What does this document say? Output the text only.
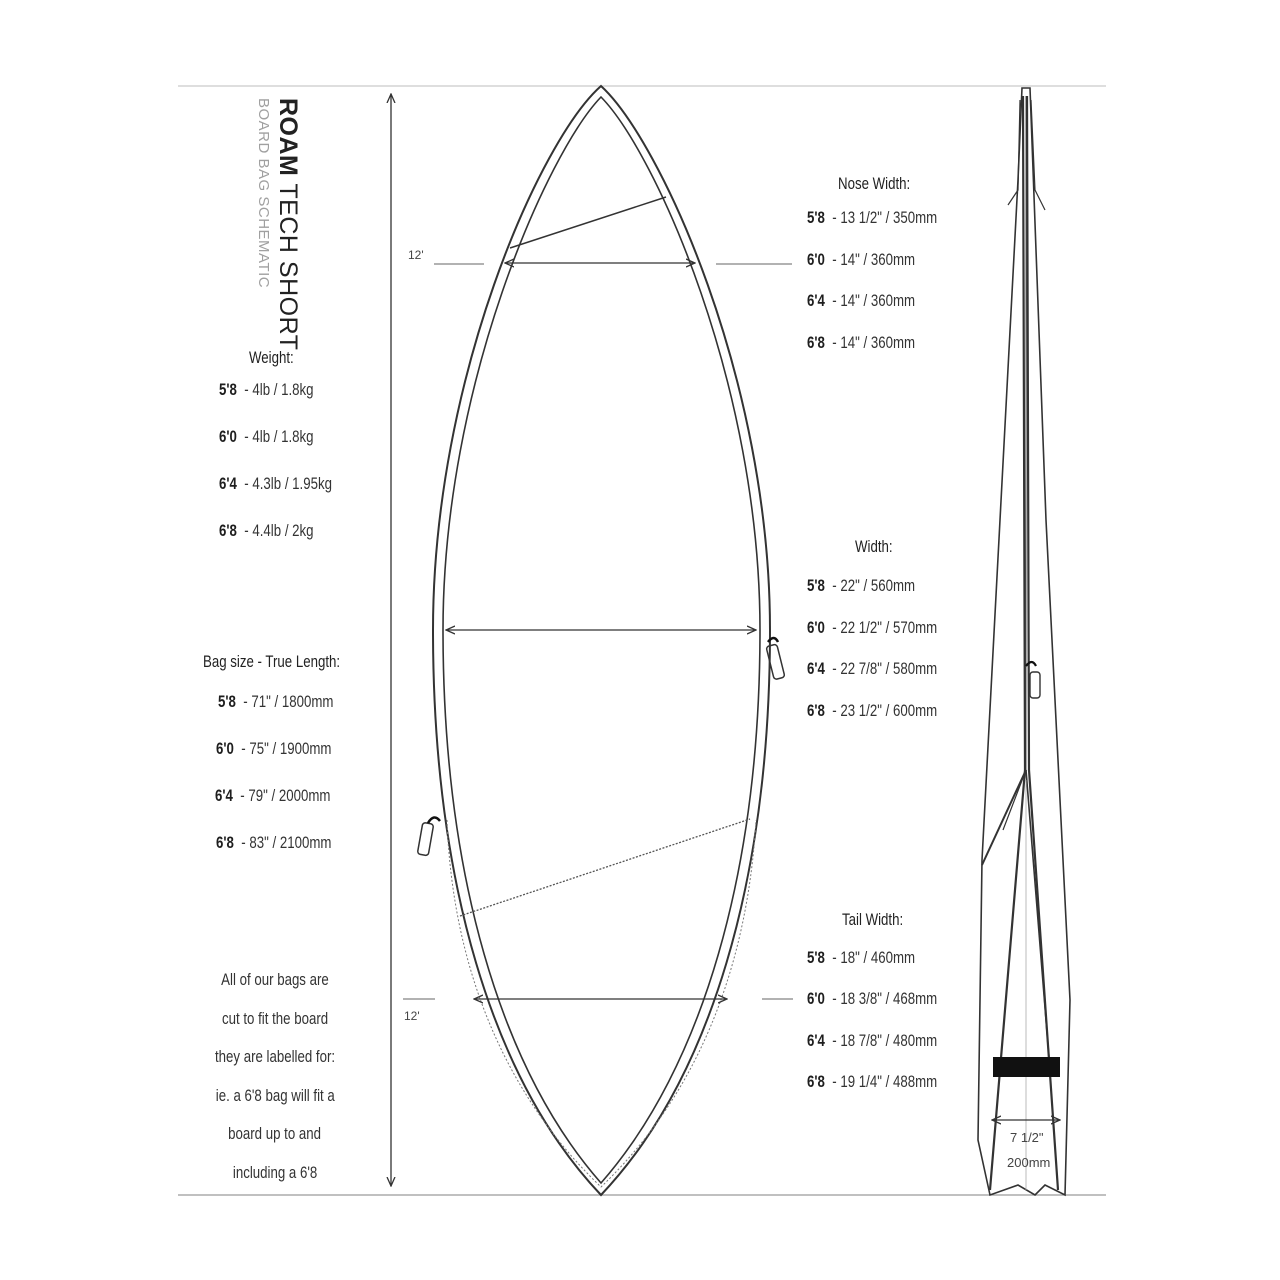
ROAM TECH SHORT
BOARD BAG SCHEMATIC	12'
12'
Weight:
5'8 - 4lb / 1.8kg
6'0 - 4lb / 1.8kg
6'4 - 4.3lb / 1.95kg
6'8 - 4.4lb / 2kg
Bag size - True Length:
5'8 - 71" / 1800mm
6'0 - 75" / 1900mm
6'4 - 79" / 2000mm
6'8 - 83" / 2100mm
All of our bags are
cut to fit the board
they are labelled for:
ie. a 6'8 bag will fit a
board up to and
including a 6'8
Nose Width:
5'8 - 13 1/2" / 350mm
6'0 - 14" / 360mm
6'4 - 14" / 360mm
6'8 - 14" / 360mm
Width:
5'8 - 22" / 560mm
6'0 - 22 1/2" / 570mm
6'4 - 22 7/8" / 580mm
6'8 - 23 1/2" / 600mm
Tail Width:
5'8 - 18" / 460mm
6'0 - 18 3/8" / 468mm
6'4 - 18 7/8" / 480mm
6'8 - 19 1/4" / 488mm
7 1/2"
200mm
